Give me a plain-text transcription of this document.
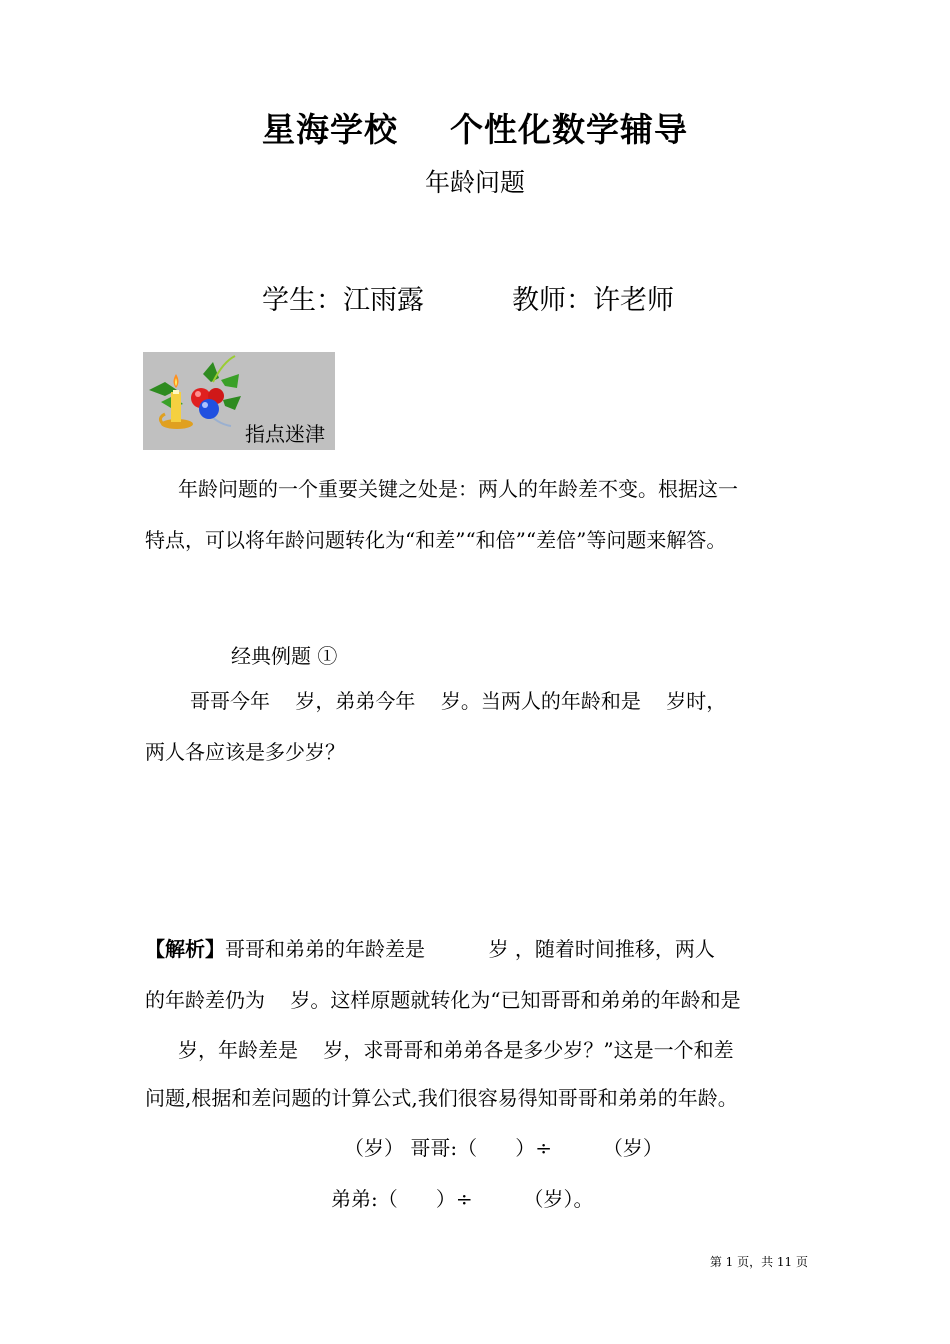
星海学校 个性化数学辅导
年龄问题
学生：江雨露	教师：许老师
指点迷津
年龄问题的一个重要关键之处是：两人的年龄差不变。根据这一
特点，可以将年龄问题转化为“和差”“和倍”“差倍”等问题来解答。
经典例题 ①
哥哥今年    岁，弟弟今年    岁。当两人的年龄和是    岁时，
两人各应该是多少岁？
【解析】哥哥和弟弟的年龄差是          岁 ，随着时间推移，两人
的年龄差仍为    岁。这样原题就转化为“已知哥哥和弟弟的年龄和是
岁，年龄差是    岁，求哥哥和弟弟各是多少岁？”这是一个和差
问题,根据和差问题的计算公式,我们很容易得知哥哥和弟弟的年龄。
（岁） 哥哥:（      ）÷        （岁）
弟弟:（      ）÷        （岁）。
第 1 页，共 11 页
